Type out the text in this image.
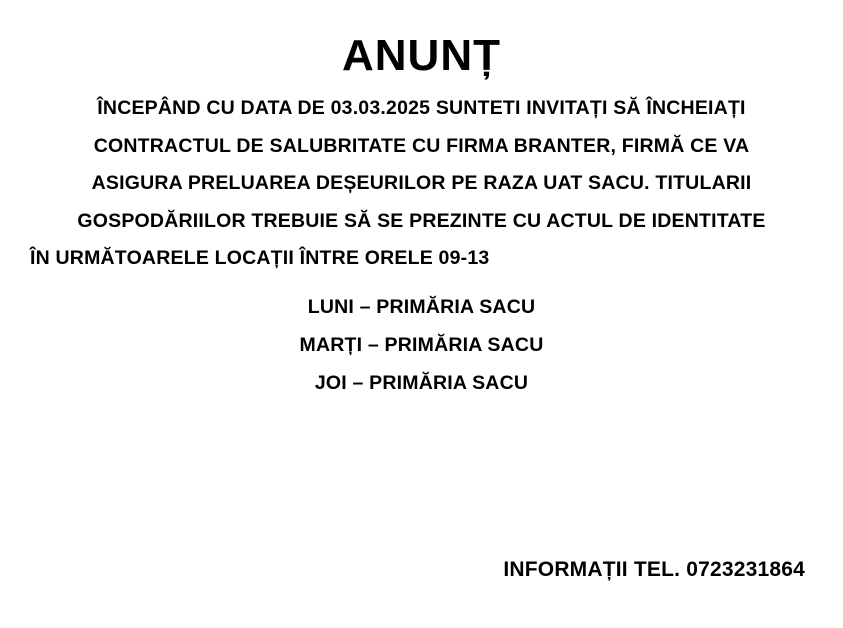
ANUNȚ
ÎNCEPÂND CU DATA DE 03.03.2025 SUNTETI INVITAȚI SĂ ÎNCHEIAȚI
CONTRACTUL DE SALUBRITATE CU FIRMA BRANTER, FIRMĂ CE VA
ASIGURA PRELUAREA DEȘEURILOR PE RAZA UAT SACU. TITULARII
GOSPODĂRIILOR TREBUIE SĂ SE PREZINTE CU ACTUL DE IDENTITATE
ÎN URMĂTOARELE LOCAȚII ÎNTRE ORELE 09-13
LUNI – PRIMĂRIA SACU
MARȚI – PRIMĂRIA SACU
JOI – PRIMĂRIA SACU
INFORMAȚII TEL. 0723231864
